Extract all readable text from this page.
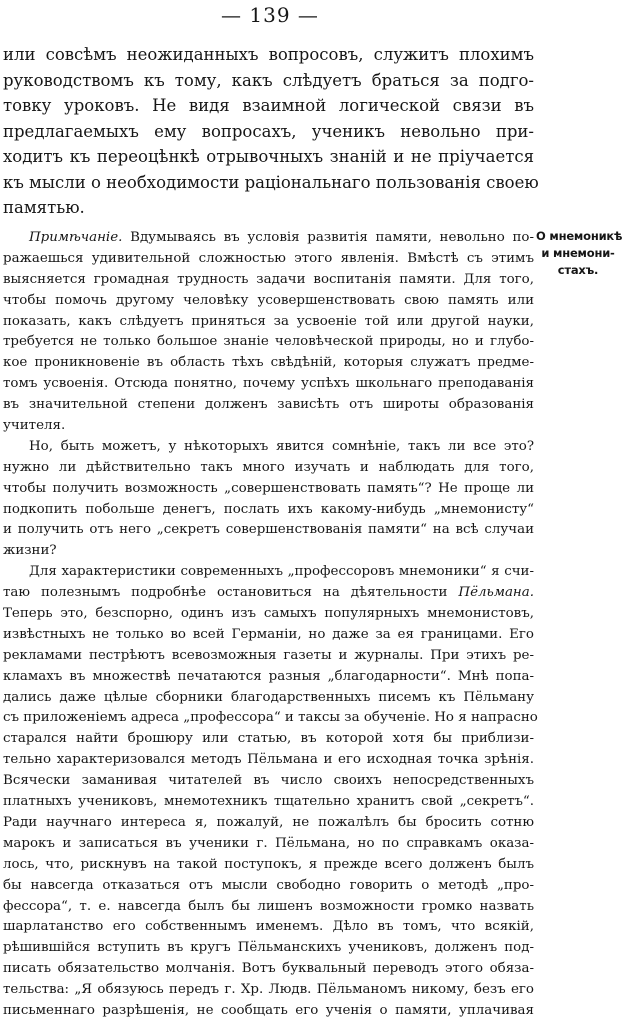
— 139 —
или совсѣмъ неожиданныхъ вопросовъ, служитъ плохимъ
руководствомъ къ тому, какъ слѣдуетъ браться за подго-
товку уроковъ. Не видя взаимной логической связи въ
предлагаемыхъ ему вопросахъ, ученикъ невольно при-
ходитъ къ переоцѣнкѣ отрывочныхъ знаній и не пріучается
къ мысли о необходимости раціональнаго пользованія своею
памятью.
О мнемоникѣ
и мнемони-
стахъ.
Примѣчаніе. Вдумываясь въ условія развитія памяти, невольно по-
ражаешься удивительной сложностью этого явленія. Вмѣстѣ съ этимъ
выясняется громадная трудность задачи воспитанія памяти. Для того,
чтобы помочь другому человѣку усовершенствовать свою память или
показать, какъ слѣдуетъ приняться за усвоеніе той или другой науки,
требуется не только большое знаніе человѣческой природы, но и глубо-
кое проникновеніе въ область тѣхъ свѣдѣній, которыя служатъ предме-
томъ усвоенія. Отсюда понятно, почему успѣхъ школьнаго преподаванія
въ значительной степени долженъ зависѣть отъ широты образованія
учителя.
Но, быть можетъ, у нѣкоторыхъ явится сомнѣніе, такъ ли все это?
нужно ли дѣйствительно такъ много изучать и наблюдать для того,
чтобы получить возможность „совершенствовать память“? Не проще ли
подкопить побольше денегъ, послать ихъ какому-нибудь „мнемонисту“
и получить отъ него „секретъ совершенствованія памяти“ на всѣ случаи
жизни?
Для характеристики современныхъ „профессоровъ мнемоники“ я счи-
таю полезнымъ подробнѣе остановиться на дѣятельности Пёльмана.
Теперь это, безспорно, одинъ изъ самыхъ популярныхъ мнемонистовъ,
извѣстныхъ не только во всей Германіи, но даже за ея границами. Его
рекламами пестрѣютъ всевозможныя газеты и журналы. При этихъ ре-
кламахъ въ множествѣ печатаются разныя „благодарности“. Мнѣ попа-
дались даже цѣлые сборники благодарственныхъ писемъ къ Пёльману
съ приложеніемъ адреса „профессора“ и таксы за обученіе. Но я напрасно
старался найти брошюру или статью, въ которой хотя бы приблизи-
тельно характеризовался методъ Пёльмана и его исходная точка зрѣнія.
Всячески заманивая читателей въ число своихъ непосредственныхъ
платныхъ учениковъ, мнемотехникъ тщательно хранитъ свой „секретъ“.
Ради научнаго интереса я, пожалуй, не пожалѣлъ бы бросить сотню
марокъ и записаться въ ученики г. Пёльмана, но по справкамъ оказа-
лось, что, рискнувъ на такой поступокъ, я прежде всего долженъ былъ
бы навсегда отказаться отъ мысли свободно говорить о методѣ „про-
фессора“, т. е. навсегда былъ бы лишенъ возможности громко назвать
шарлатанство его собственнымъ именемъ. Дѣло въ томъ, что всякій,
рѣшившійся вступить въ кругъ Пёльманскихъ учениковъ, долженъ под-
писать обязательство молчанія. Вотъ буквальный переводъ этого обяза-
тельства: „Я обязуюсь передъ г. Хр. Людв. Пёльманомъ никому, безъ его
письменнаго разрѣшенія, не сообщать его ученія о памяти, уплачивая
